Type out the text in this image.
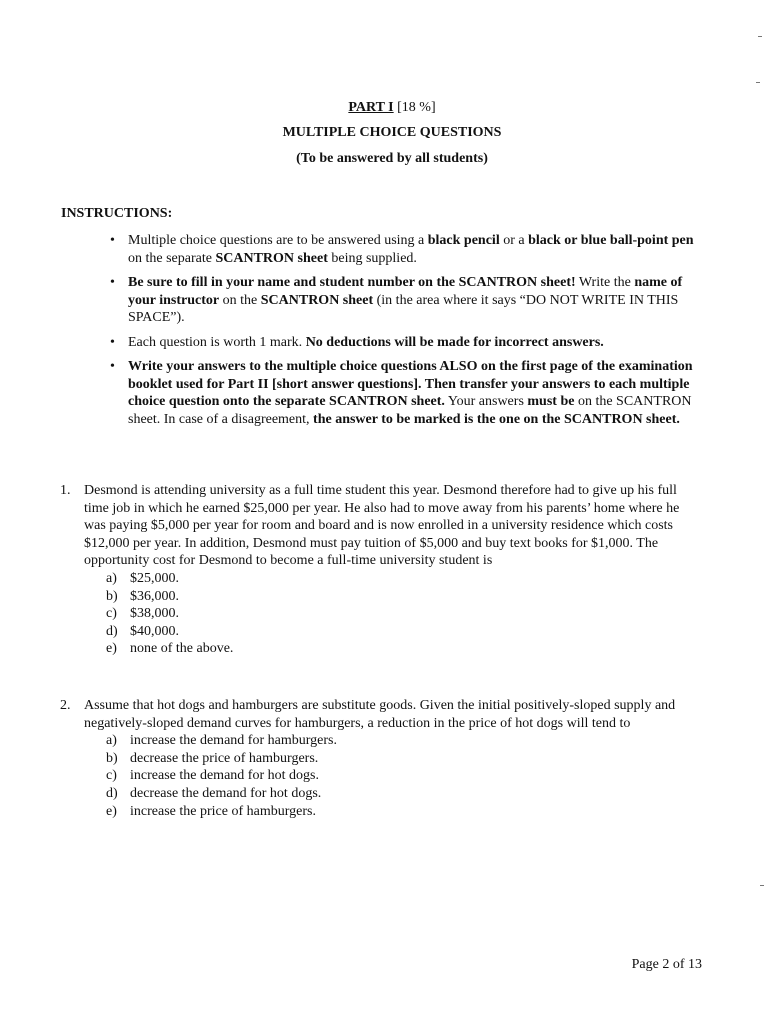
PART I [18 %]
MULTIPLE CHOICE QUESTIONS
(To be answered by all students)
INSTRUCTIONS:
• Multiple choice questions are to be answered using a black pencil or a black or blue ball-point pen on the separate SCANTRON sheet being supplied.
• Be sure to fill in your name and student number on the SCANTRON sheet! Write the name of your instructor on the SCANTRON sheet (in the area where it says “DO NOT WRITE IN THIS SPACE”).
• Each question is worth 1 mark. No deductions will be made for incorrect answers.
• Write your answers to the multiple choice questions ALSO on the first page of the examination booklet used for Part II [short answer questions]. Then transfer your answers to each multiple choice question onto the separate SCANTRON sheet. Your answers must be on the SCANTRON sheet. In case of a disagreement, the answer to be marked is the one on the SCANTRON sheet.
1. Desmond is attending university as a full time student this year. Desmond therefore had to give up his full time job in which he earned $25,000 per year. He also had to move away from his parents’ home where he was paying $5,000 per year for room and board and is now enrolled in a university residence which costs $12,000 per year. In addition, Desmond must pay tuition of $5,000 and buy text books for $1,000. The opportunity cost for Desmond to become a full-time university student is
a) $25,000.
b) $36,000.
c) $38,000.
d) $40,000.
e) none of the above.
2. Assume that hot dogs and hamburgers are substitute goods. Given the initial positively-sloped supply and negatively-sloped demand curves for hamburgers, a reduction in the price of hot dogs will tend to
a) increase the demand for hamburgers.
b) decrease the price of hamburgers.
c) increase the demand for hot dogs.
d) decrease the demand for hot dogs.
e) increase the price of hamburgers.
Page 2 of 13
